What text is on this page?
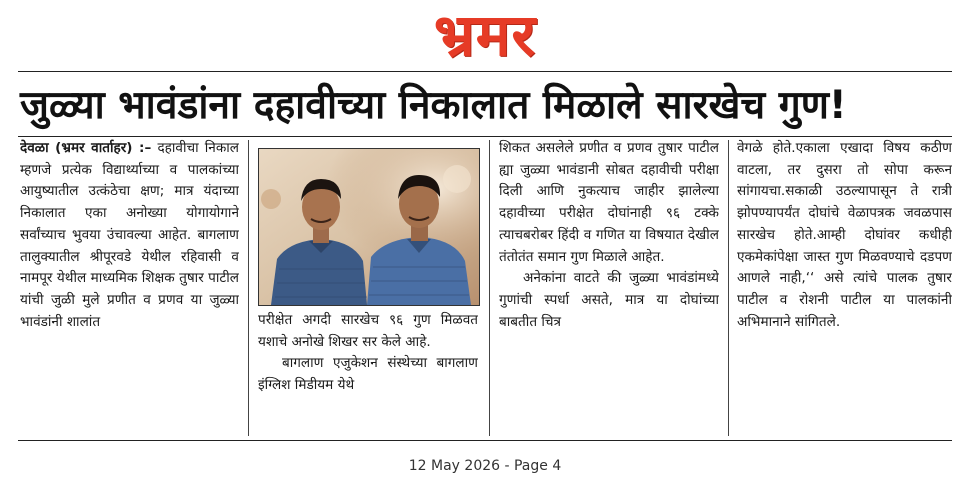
भ्रमर
जुळ्या भावंडांना दहावीच्या निकालात मिळाले सारखेच गुण!

देवळा (भ्रमर वार्ताहर) :– दहावीचा निकाल म्हणजे प्रत्येक विद्यार्थ्याच्या व पालकांच्या आयुष्यातील उत्कंठेचा क्षण; मात्र यंदाच्या निकालात एका अनोख्या योगायोगाने सर्वांच्याच भुवया उंचावल्या आहेत. बागलाण तालुक्यातील श्रीपूरवडे येथील रहिवासी व नामपूर येथील माध्यमिक शिक्षक तुषार पाटील यांची जुळी मुले प्रणीत व प्रणव या जुळ्या भावंडांनी शालांत	परीक्षेत अगदी सारखेच ९६ गुण मिळवत यशाचे अनोखे शिखर सर केले आहे.

बागलाण एजुकेशन संस्थेच्या बागलाण इंग्लिश मिडीयम येथे

शिकत असलेले प्रणीत व प्रणव तुषार पाटील ह्या जुळ्या भावंडानी सोबत दहावीची परीक्षा दिली आणि नुकत्याच जाहीर झालेल्या दहावीच्या परीक्षेत दोघांनाही ९६ टक्के त्याचबरोबर हिंदी व गणित या विषयात देखील तंतोतंत समान गुण मिळाले आहेत.

अनेकांना वाटते की जुळ्या भावंडांमध्ये गुणांची स्पर्धा असते, मात्र या दोघांच्या बाबतीत चित्र

वेगळे होते.एकाला एखादा विषय कठीण वाटला, तर दुसरा तो सोपा करून सांगायचा.सकाळी उठल्यापासून ते रात्री झोपण्यापर्यंत दोघांचे वेळापत्रक जवळपास सारखेच होते.आम्ही दोघांवर कधीही एकमेकांपेक्षा जास्त गुण मिळवण्याचे दडपण आणले नाही,‘‘ असे त्यांचे पालक तुषार पाटील व रोशनी पाटील या पालकांनी अभिमानाने सांगितले.

12 May 2026 - Page 4
